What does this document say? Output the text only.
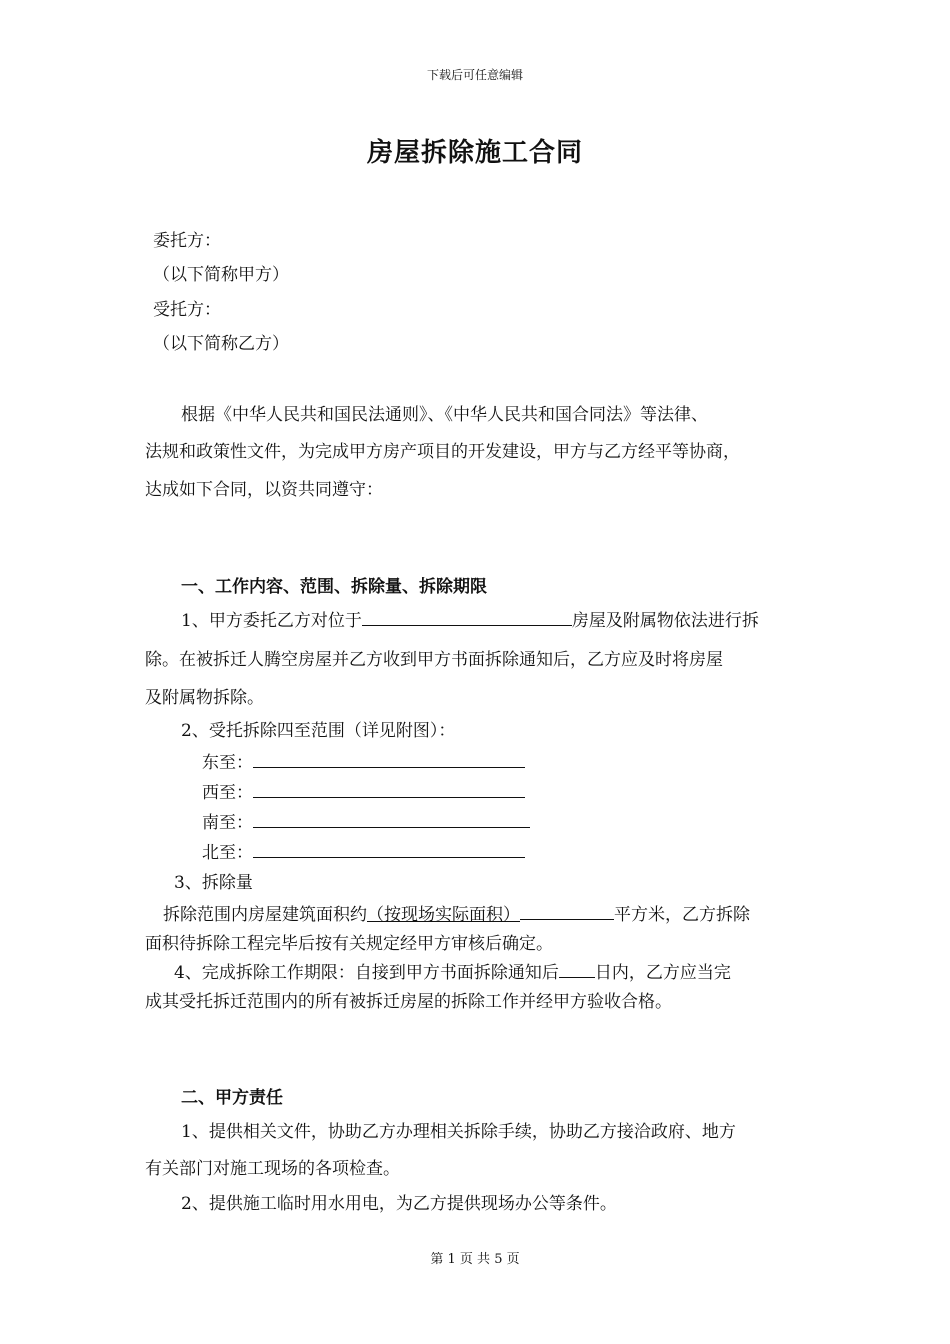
下载后可任意编辑
房屋拆除施工合同
委托方：
（以下简称甲方）
受托方：
（以下简称乙方）
根据《中华人民共和国民法通则》、《中华人民共和国合同法》等法律、
法规和政策性文件，为完成甲方房产项目的开发建设，甲方与乙方经平等协商，
达成如下合同，以资共同遵守：
一、工作内容、范围、拆除量、拆除期限
1、甲方委托乙方对位于	房屋及附属物依法进行拆
除。在被拆迁人腾空房屋并乙方收到甲方书面拆除通知后，乙方应及时将房屋
及附属物拆除。
2、受托拆除四至范围（详见附图）：
东至：
西至：
南至：
北至：
3、拆除量
拆除范围内房屋建筑面积约（按现场实际面积）	平方米，乙方拆除
面积待拆除工程完毕后按有关规定经甲方审核后确定。
4、完成拆除工作期限：自接到甲方书面拆除通知后 日内，乙方应当完
成其受托拆迁范围内的所有被拆迁房屋的拆除工作并经甲方验收合格。
二、甲方责任
1、提供相关文件，协助乙方办理相关拆除手续，协助乙方接洽政府、地方
有关部门对施工现场的各项检查。
2、提供施工临时用水用电，为乙方提供现场办公等条件。
第 1 页 共 5 页
